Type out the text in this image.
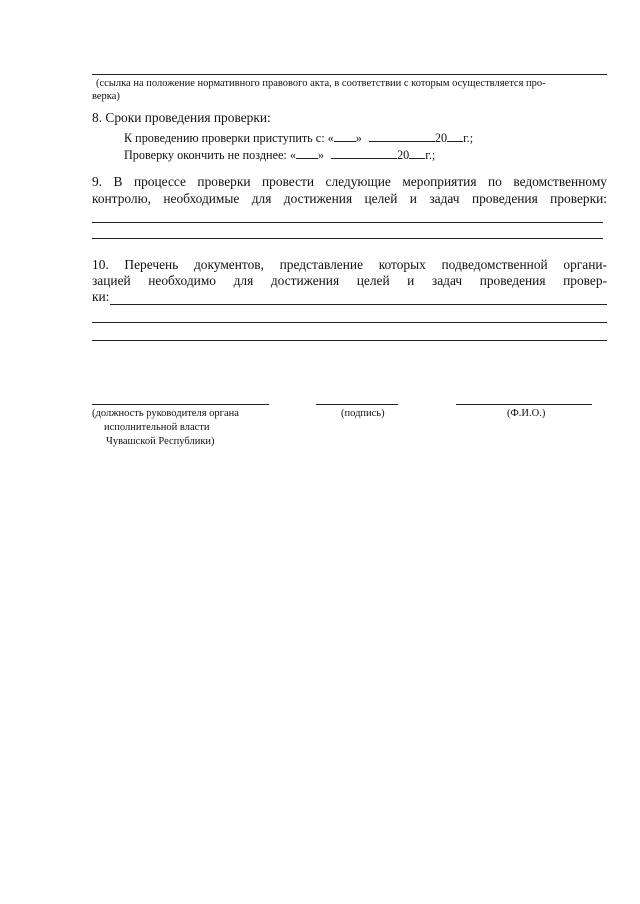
(ссылка на положение нормативного правового акта, в соответствии с которым осуществляется про-
верка)
8. Сроки проведения проверки:
К проведению проверки приступить с: « »	20 г.;
Проверку окончить не позднее: « »	20 г.;
9. В процессе проверки провести следующие мероприятия по ведомственному
контролю, необходимые для достижения целей и задач проведения проверки:
10. Перечень документов, представление которых подведомственной органи-
зацией необходимо для достижения целей и задач проведения провер-
ки:
(должность руководителя органа
исполнительной власти
Чувашской Республики)
(подпись)	(Ф.И.О.)
